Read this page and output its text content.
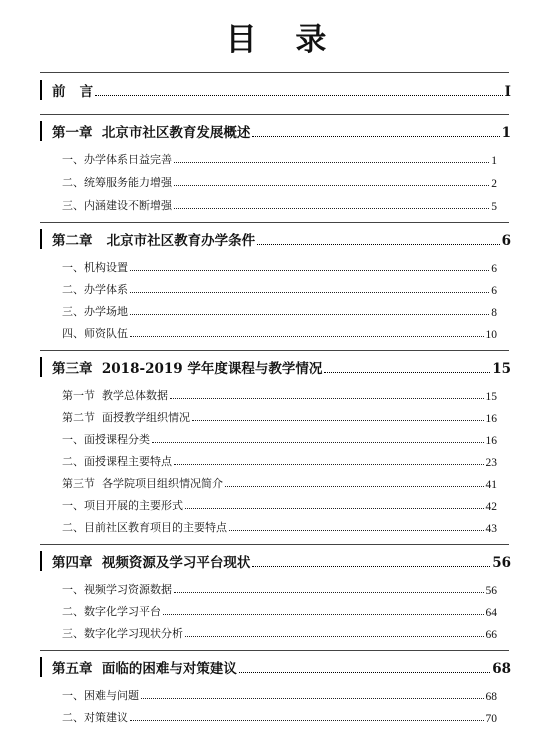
目 录
前   言	I
第一章  北京市社区教育发展概述	1
一、办学体系日益完善	1
二、统筹服务能力增强	2
三、内涵建设不断增强	5
第二章   北京市社区教育办学条件	6
一、机构设置	6
二、办学体系	6
三、办学场地	8
四、师资队伍	10
第三章  2018-2019 学年度课程与教学情况	15
第一节  教学总体数据	15
第二节  面授教学组织情况	16
一、面授课程分类	16
二、面授课程主要特点	23
第三节  各学院项目组织情况简介	41
一、项目开展的主要形式	42
二、目前社区教育项目的主要特点	43
第四章  视频资源及学习平台现状	56
一、视频学习资源数据	56
二、数字化学习平台	64
三、数字化学习现状分析	66
第五章  面临的困难与对策建议	68
一、困难与问题	68
二、对策建议	70
